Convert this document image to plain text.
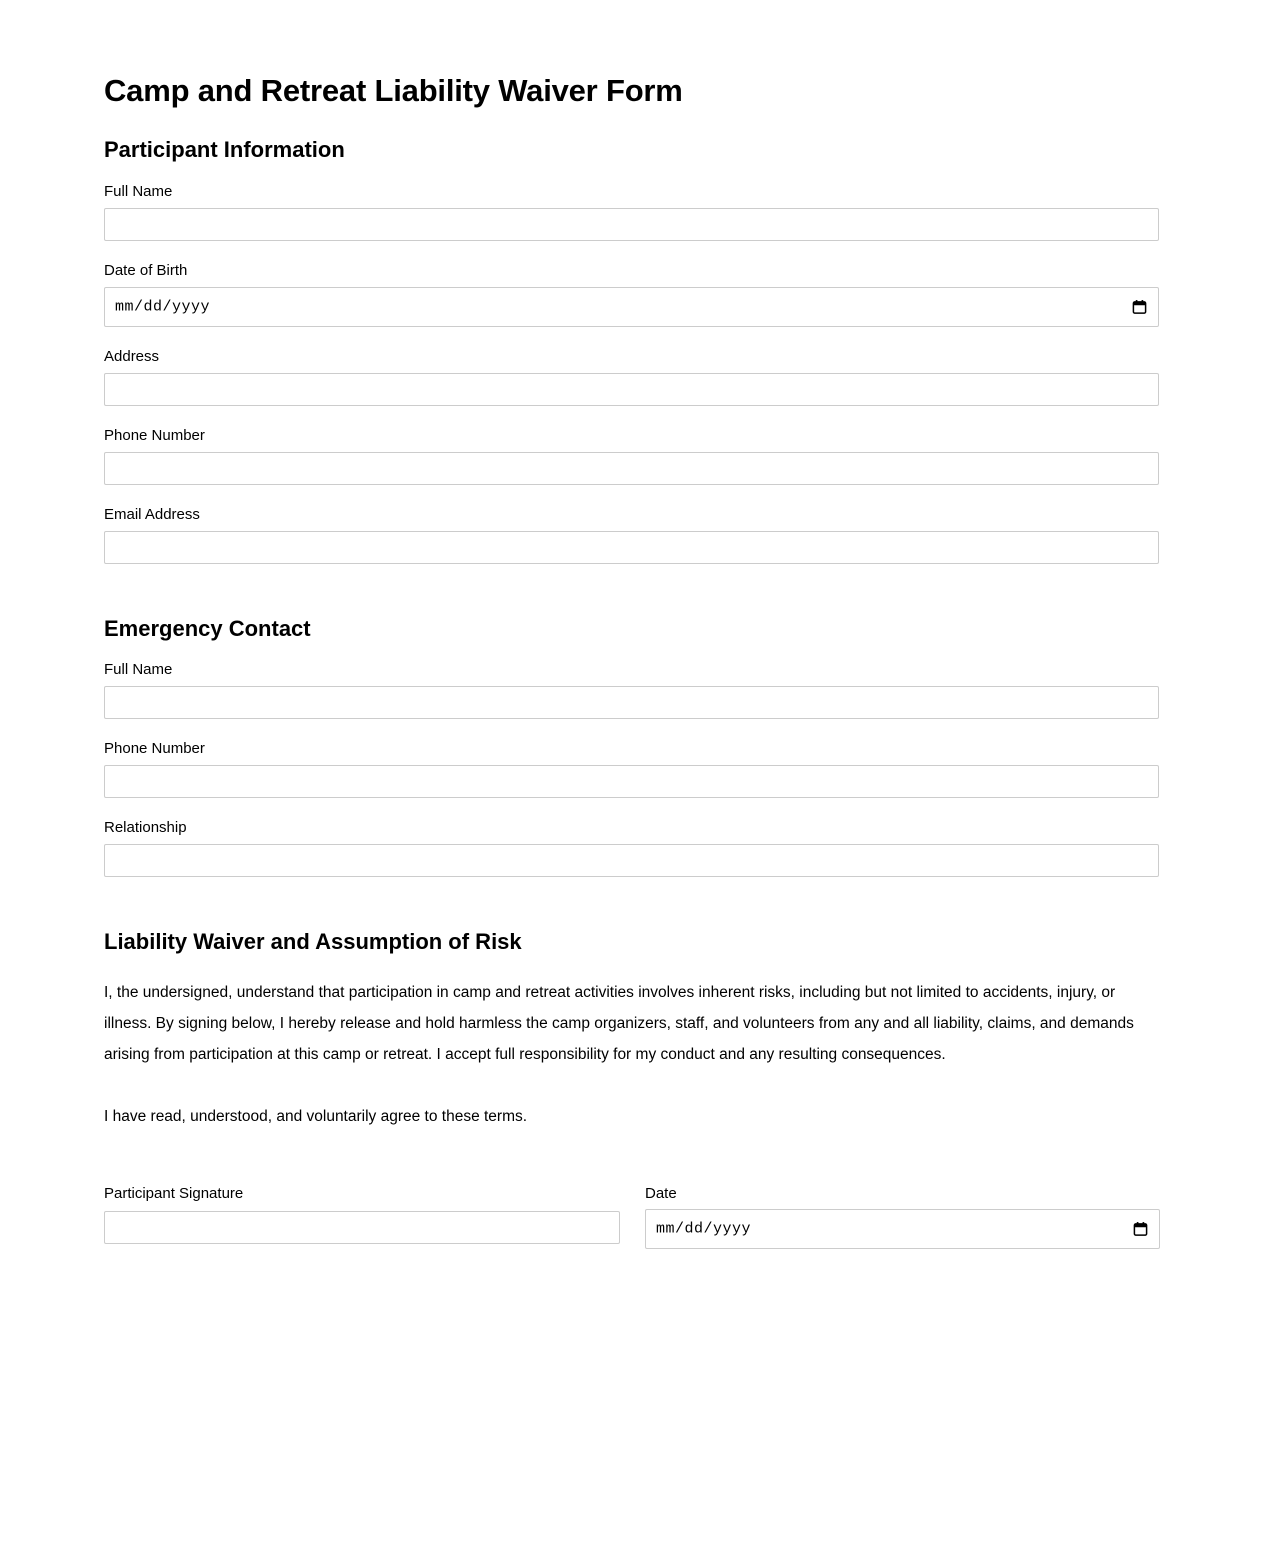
Camp and Retreat Liability Waiver Form
Participant Information
Full Name
Date of Birth
mm/dd/yyyy
Address
Phone Number
Email Address
Emergency Contact
Full Name
Phone Number
Relationship
Liability Waiver and Assumption of Risk

I, the undersigned, understand that participation in camp and retreat activities involves inherent risks, including but not limited to accidents, injury, or illness. By signing below, I hereby release and hold harmless the camp organizers, staff, and volunteers from any and all liability, claims, and demands arising from participation at this camp or retreat. I accept full responsibility for my conduct and any resulting consequences.

I have read, understood, and voluntarily agree to these terms.

Participant Signature	Date
mm/dd/yyyy
